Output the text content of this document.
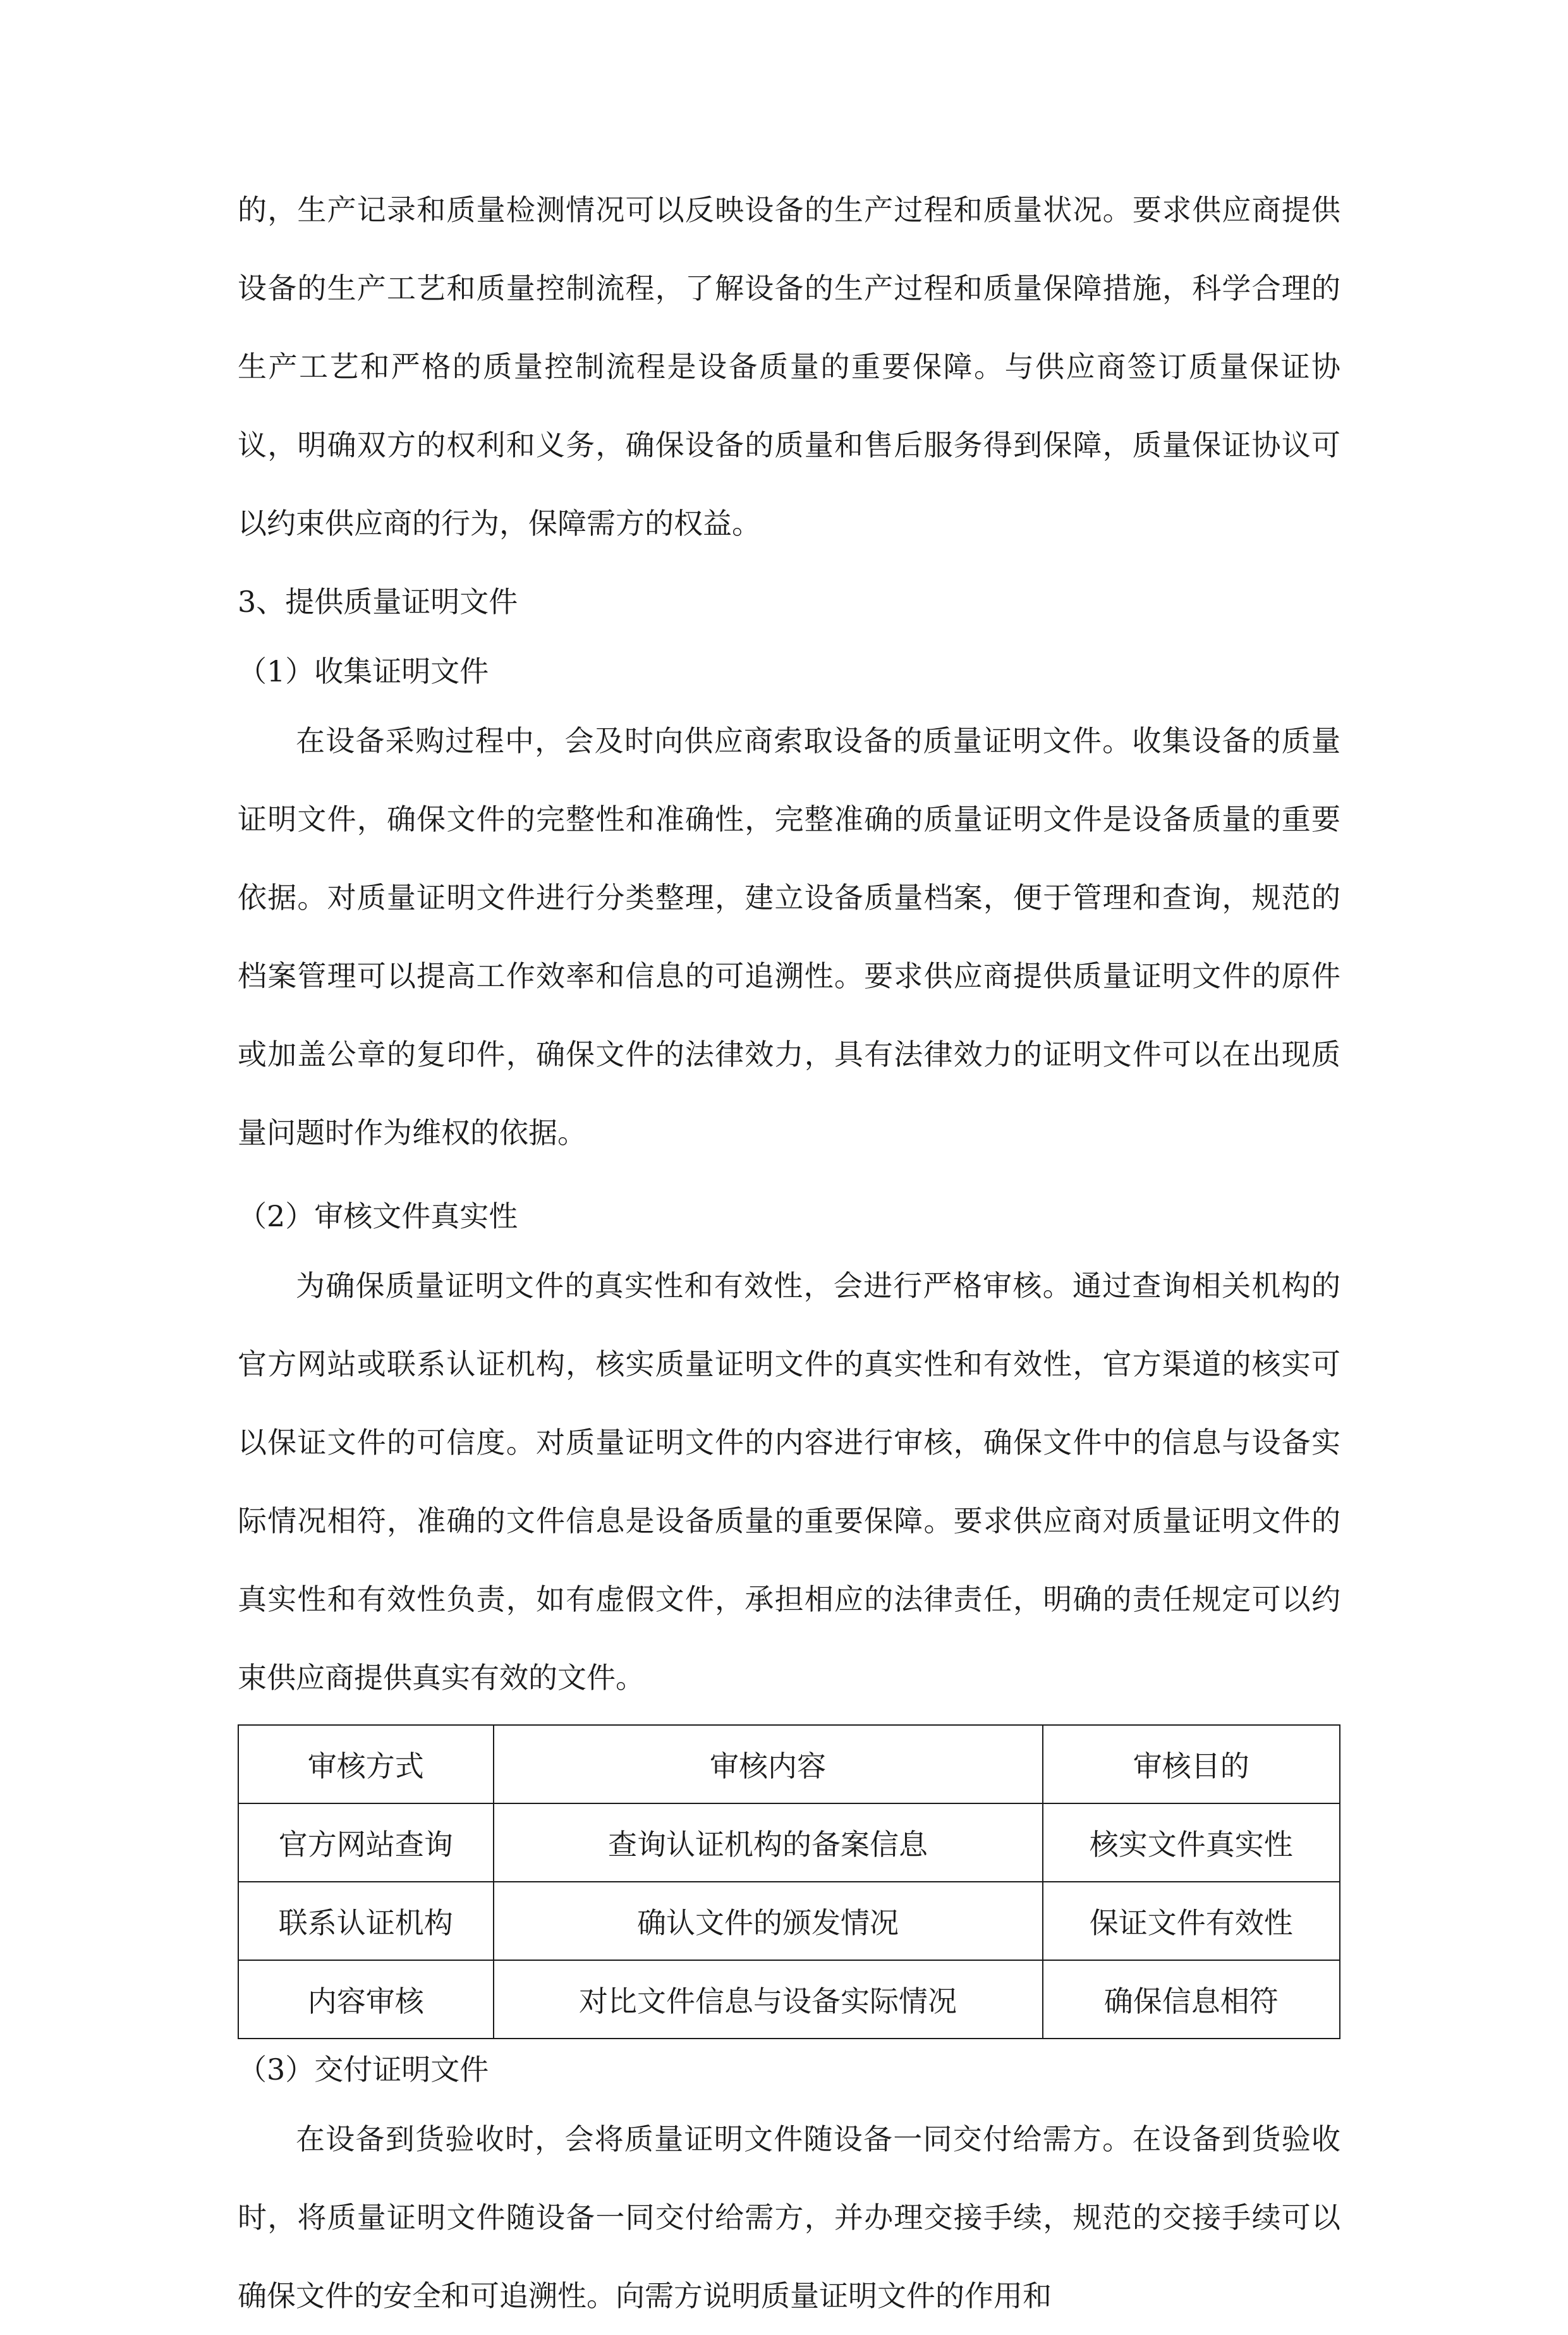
的，生产记录和质量检测情况可以反映设备的生产过程和质量状况。要求供应商提供设备的生产工艺和质量控制流程，了解设备的生产过程和质量保障措施，科学合理的生产工艺和严格的质量控制流程是设备质量的重要保障。与供应商签订质量保证协议，明确双方的权利和义务，确保设备的质量和售后服务得到保障，质量保证协议可以约束供应商的行为，保障需方的权益。

3、提供质量证明文件

（1）收集证明文件

在设备采购过程中，会及时向供应商索取设备的质量证明文件。收集设备的质量证明文件，确保文件的完整性和准确性，完整准确的质量证明文件是设备质量的重要依据。对质量证明文件进行分类整理，建立设备质量档案，便于管理和查询，规范的档案管理可以提高工作效率和信息的可追溯性。要求供应商提供质量证明文件的原件或加盖公章的复印件，确保文件的法律效力，具有法律效力的证明文件可以在出现质量问题时作为维权的依据。

（2）审核文件真实性

为确保质量证明文件的真实性和有效性，会进行严格审核。通过查询相关机构的官方网站或联系认证机构，核实质量证明文件的真实性和有效性，官方渠道的核实可以保证文件的可信度。对质量证明文件的内容进行审核，确保文件中的信息与设备实际情况相符，准确的文件信息是设备质量的重要保障。要求供应商对质量证明文件的真实性和有效性负责，如有虚假文件，承担相应的法律责任，明确的责任规定可以约束供应商提供真实有效的文件。

审核方式	审核内容	审核目的
官方网站查询	查询认证机构的备案信息	核实文件真实性
联系认证机构	确认文件的颁发情况	保证文件有效性
内容审核	对比文件信息与设备实际情况	确保信息相符

（3）交付证明文件

在设备到货验收时，会将质量证明文件随设备一同交付给需方。在设备到货验收时，将质量证明文件随设备一同交付给需方，并办理交接手续，规范的交接手续可以确保文件的安全和可追溯性。向需方说明质量证明文件的作用和
